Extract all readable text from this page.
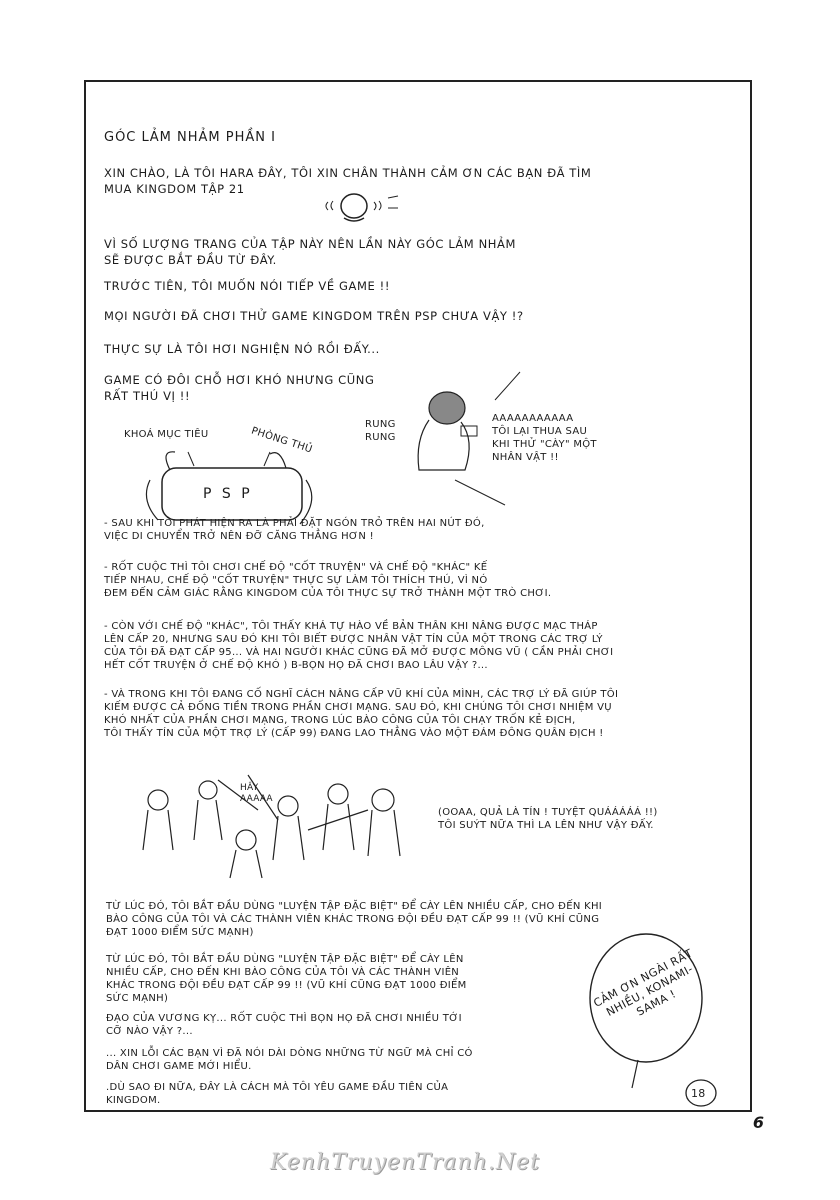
GÓC LẢM NHẢM PHẦN I
XIN CHÀO, LÀ TÔI HARA ĐÂY, TÔI XIN CHÂN THÀNH CẢM ƠN CÁC BẠN ĐÃ TÌM
MUA KINGDOM TẬP 21
VÌ SỐ LƯỢNG TRANG CỦA TẬP NÀY NÊN LẦN NÀY GÓC LẢM NHẢM
SẼ ĐƯỢC BẮT ĐẦU TỪ ĐÂY.
TRƯỚC TIÊN, TÔI MUỐN NÓI TIẾP VỀ GAME !!
MỌI NGƯỜI ĐÃ CHƠI THỬ GAME KINGDOM TRÊN PSP CHƯA VẬY !?
THỰC SỰ LÀ TÔI HƠI NGHIỆN NÓ RỒI ĐẤY...
GAME CÓ ĐÔI CHỖ HƠI KHÓ NHƯNG CŨNG
RẤT THÚ VỊ !!
KHOÁ MỤC TIÊU	PHÒNG THỦ
P S P
RUNG
RUNG
AAAAAAAAAAA
TÔI LẠI THUA SAU
KHI THỬ "CÀY" MỘT
NHÂN VẬT !!
- SAU KHI TÔI PHÁT HIỆN RA LÀ PHẢI ĐẶT NGÓN TRỎ TRÊN HAI NÚT ĐÓ,
VIỆC DI CHUYỂN TRỞ NÊN ĐỠ CĂNG THẲNG HƠN !
- RỐT CUỘC THÌ TÔI CHƠI CHẾ ĐỘ "CỐT TRUYỆN" VÀ CHẾ ĐỘ "KHÁC" KẾ
TIẾP NHAU, CHẾ ĐỘ "CỐT TRUYỆN" THỰC SỰ LÀM TÔI THÍCH THÚ, VÌ NÓ
ĐEM ĐẾN CẢM GIÁC RẰNG KINGDOM CỦA TÔI THỰC SỰ TRỞ THÀNH MỘT TRÒ CHƠI.
- CÒN VỚI CHẾ ĐỘ "KHÁC", TÔI THẤY KHÁ TỰ HÀO VỀ BẢN THÂN KHI NÂNG ĐƯỢC MẠC THÁP
LÊN CẤP 20, NHƯNG SAU ĐÓ KHI TÔI BIẾT ĐƯỢC NHÂN VẬT TÍN CỦA MỘT TRONG CÁC TRỢ LÝ
CỦA TÔI ĐÃ ĐẠT CẤP 95... VÀ HAI NGƯỜI KHÁC CŨNG ĐÃ MỞ ĐƯỢC MÔNG VŨ ( CẦN PHẢI CHƠI
HẾT CỐT TRUYỆN Ở CHẾ ĐỘ KHÓ ) B-BỌN HỌ ĐÃ CHƠI BAO LÂU VẬY ?...
- VÀ TRONG KHI TÔI ĐANG CỐ NGHĨ CÁCH NÂNG CẤP VŨ KHÍ CỦA MÌNH, CÁC TRỢ LÝ ĐÃ GIÚP TÔI
KIẾM ĐƯỢC CẢ ĐỐNG TIỀN TRONG PHẦN CHƠI MẠNG. SAU ĐÓ, KHI CHÚNG TÔI CHƠI NHIỆM VỤ
KHÓ NHẤT CỦA PHẦN CHƠI MẠNG, TRONG LÚC BÀO CÔNG CỦA TÔI CHẠY TRỐN KẺ ĐỊCH,
TÔI THẤY TÍN CỦA MỘT TRỢ LÝ (CẤP 99) ĐANG LAO THẲNG VÀO MỘT ĐÁM ĐÔNG QUÂN ĐỊCH !
HÂY
AAAAA
(OOAA, QUẢ LÀ TÍN ! TUYỆT QUÁÁÁÁÁ !!)
TÔI SUÝT NỮA THÌ LA LÊN NHƯ VẬY ĐẤY.
TỪ LÚC ĐÓ, TÔI BẮT ĐẦU DÙNG "LUYỆN TẬP ĐẶC BIỆT" ĐỂ CÀY LÊN NHIỀU CẤP, CHO ĐẾN KHI
BÀO CÔNG CỦA TÔI VÀ CÁC THÀNH VIÊN KHÁC TRONG ĐỘI ĐỀU ĐẠT CẤP 99 !! (VŨ KHÍ CŨNG
ĐẠT 1000 ĐIỂM SỨC MẠNH)
TỪ LÚC ĐÓ, TÔI BẮT ĐẦU DÙNG "LUYỆN TẬP ĐẶC BIỆT" ĐỂ CÀY LÊN
NHIỀU CẤP, CHO ĐẾN KHI BÀO CÔNG CỦA TÔI VÀ CÁC THÀNH VIÊN
KHÁC TRONG ĐỘI ĐỀU ĐẠT CẤP 99 !! (VŨ KHÍ CŨNG ĐẠT 1000 ĐIỂM
SỨC MẠNH)
ĐẠO CỦA VƯƠNG KỴ... RỐT CUỘC THÌ BỌN HỌ ĐÃ CHƠI NHIỀU TỚI
CỠ NÀO VẬY ?...
... XIN LỖI CÁC BẠN VÌ ĐÃ NÓI DÀI DÒNG NHỮNG TỪ NGỮ MÀ CHỈ CÓ
DÂN CHƠI GAME MỚI HIỂU.
.DÙ SAO ĐI NỮA, ĐÂY LÀ CÁCH MÀ TÔI YÊU GAME ĐẦU TIÊN CỦA
KINGDOM.
CẢM ƠN NGÀI RẤT NHIỀU, KONAMI-SAMA !
18
6
KenhTruyenTranh.Net
